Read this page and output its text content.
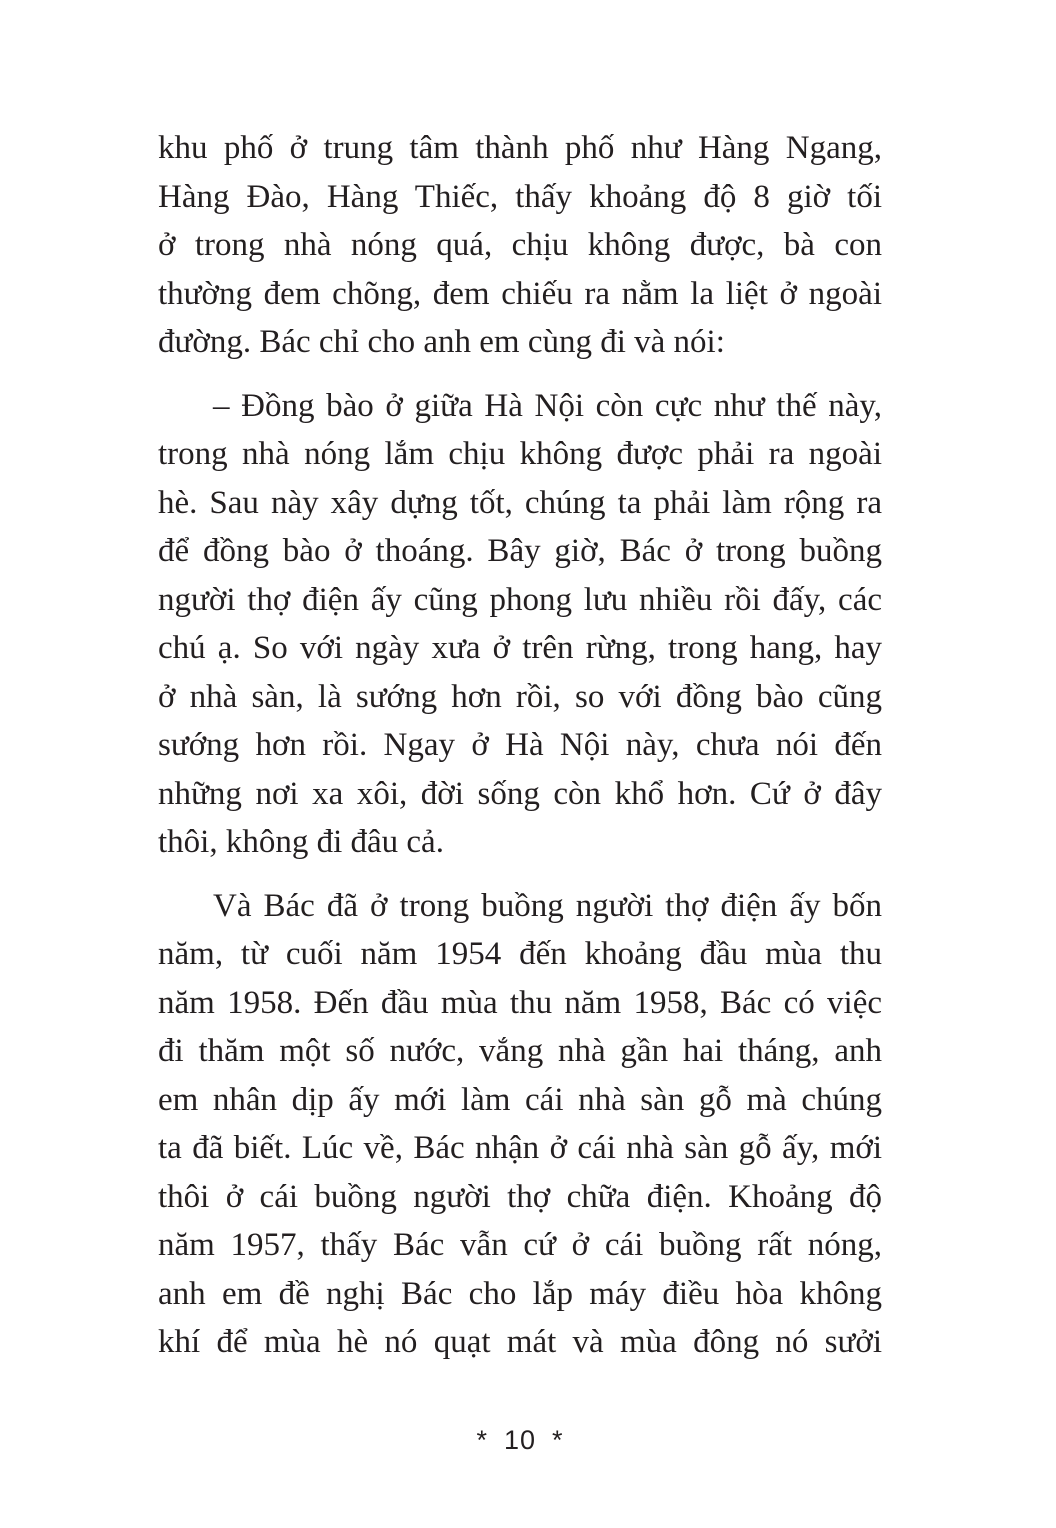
khu phố ở trung tâm thành phố như Hàng Ngang,
Hàng Đào, Hàng Thiếc, thấy khoảng độ 8 giờ tối
ở trong nhà nóng quá, chịu không được, bà con
thường đem chõng, đem chiếu ra nằm la liệt ở ngoài
đường. Bác chỉ cho anh em cùng đi và nói:

– Đồng bào ở giữa Hà Nội còn cực như thế này,
trong nhà nóng lắm chịu không được phải ra ngoài
hè. Sau này xây dựng tốt, chúng ta phải làm rộng ra
để đồng bào ở thoáng. Bây giờ, Bác ở trong buồng
người thợ điện ấy cũng phong lưu nhiều rồi đấy, các
chú ạ. So với ngày xưa ở trên rừng, trong hang, hay
ở nhà sàn, là sướng hơn rồi, so với đồng bào cũng
sướng hơn rồi. Ngay ở Hà Nội này, chưa nói đến
những nơi xa xôi, đời sống còn khổ hơn. Cứ ở đây
thôi, không đi đâu cả.

Và Bác đã ở trong buồng người thợ điện ấy bốn
năm, từ cuối năm 1954 đến khoảng đầu mùa thu
năm 1958. Đến đầu mùa thu năm 1958, Bác có việc
đi thăm một số nước, vắng nhà gần hai tháng, anh
em nhân dịp ấy mới làm cái nhà sàn gỗ mà chúng
ta đã biết. Lúc về, Bác nhận ở cái nhà sàn gỗ ấy, mới
thôi ở cái buồng người thợ chữa điện. Khoảng độ
năm 1957, thấy Bác vẫn cứ ở cái buồng rất nóng,
anh em đề nghị Bác cho lắp máy điều hòa không
khí để mùa hè nó quạt mát và mùa đông nó sưởi

* 10 *
